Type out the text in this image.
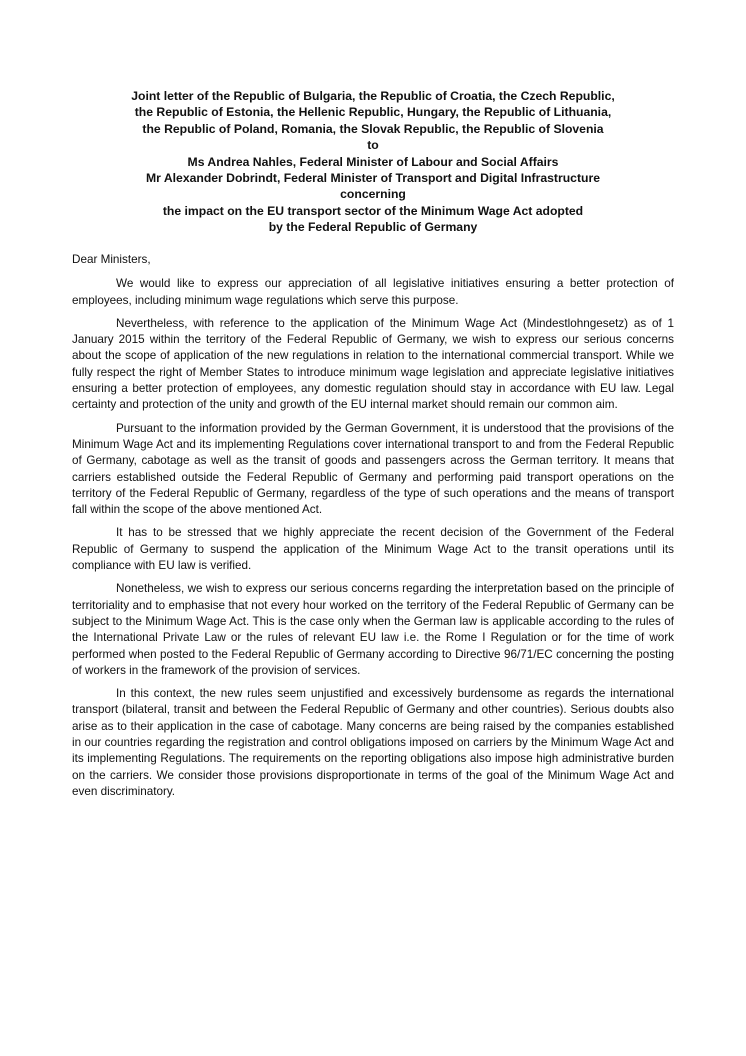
Joint letter of the Republic of Bulgaria, the Republic of Croatia, the Czech Republic,
the Republic of Estonia, the Hellenic Republic, Hungary, the Republic of Lithuania,
the Republic of Poland, Romania, the Slovak Republic, the Republic of Slovenia
to
Ms Andrea Nahles, Federal Minister of Labour and Social Affairs
Mr Alexander Dobrindt, Federal Minister of Transport and Digital Infrastructure
concerning
the impact on the EU transport sector of the Minimum Wage Act adopted
by the Federal Republic of Germany

Dear Ministers,

We would like to express our appreciation of all legislative initiatives ensuring a better protection of employees, including minimum wage regulations which serve this purpose.

Nevertheless, with reference to the application of the Minimum Wage Act (Mindestlohngesetz) as of 1 January 2015 within the territory of the Federal Republic of Germany, we wish to express our serious concerns about the scope of application of the new regulations in relation to the international commercial transport. While we fully respect the right of Member States to introduce minimum wage legislation and appreciate legislative initiatives ensuring a better protection of employees, any domestic regulation should stay in accordance with EU law. Legal certainty and protection of the unity and growth of the EU internal market should remain our common aim.

Pursuant to the information provided by the German Government, it is understood that the provisions of the Minimum Wage Act and its implementing Regulations cover international transport to and from the Federal Republic of Germany, cabotage as well as the transit of goods and passengers across the German territory. It means that carriers established outside the Federal Republic of Germany and performing paid transport operations on the territory of the Federal Republic of Germany, regardless of the type of such operations and the means of transport fall within the scope of the above mentioned Act.

It has to be stressed that we highly appreciate the recent decision of the Government of the Federal Republic of Germany to suspend the application of the Minimum Wage Act to the transit operations until its compliance with EU law is verified.

Nonetheless, we wish to express our serious concerns regarding the interpretation based on the principle of territoriality and to emphasise that not every hour worked on the territory of the Federal Republic of Germany can be subject to the Minimum Wage Act. This is the case only when the German law is applicable according to the rules of the International Private Law or the rules of relevant EU law i.e. the Rome I Regulation or for the time of work performed when posted to the Federal Republic of Germany according to Directive 96/71/EC concerning the posting of workers in the framework of the provision of services.

In this context, the new rules seem unjustified and excessively burdensome as regards the international transport (bilateral, transit and between the Federal Republic of Germany and other countries). Serious doubts also arise as to their application in the case of cabotage. Many concerns are being raised by the companies established in our countries regarding the registration and control obligations imposed on carriers by the Minimum Wage Act and its implementing Regulations. The requirements on the reporting obligations also impose high administrative burden on the carriers. We consider those provisions disproportionate in terms of the goal of the Minimum Wage Act and even discriminatory.
